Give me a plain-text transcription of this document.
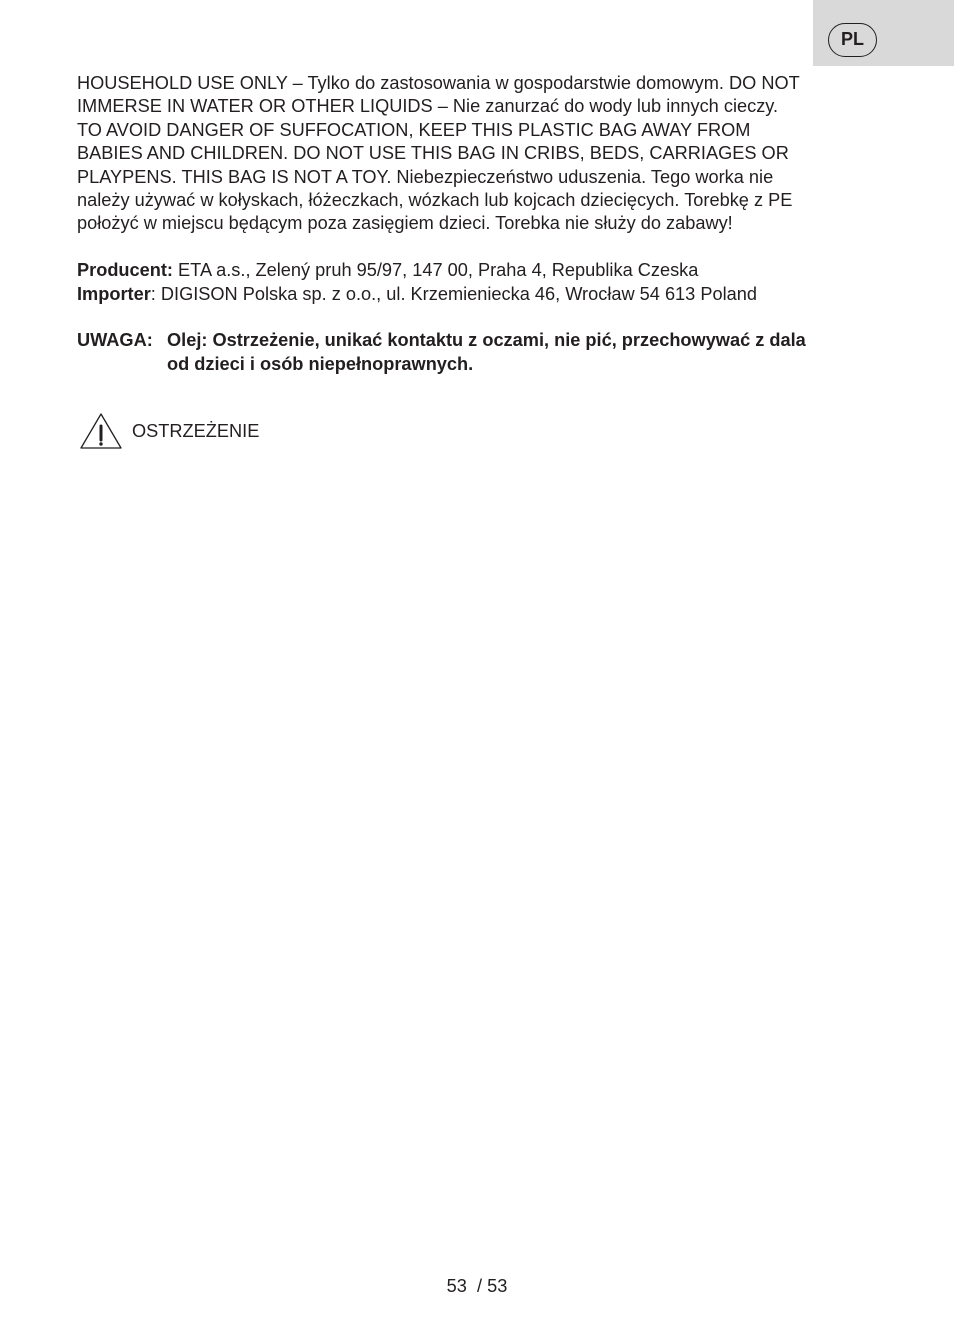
PL

HOUSEHOLD USE ONLY – Tylko do zastosowania w gospodarstwie domowym. DO NOT
IMMERSE IN WATER OR OTHER LIQUIDS – Nie zanurzać do wody lub innych cieczy.
TO AVOID DANGER OF SUFFOCATION, KEEP THIS PLASTIC BAG AWAY FROM
BABIES AND CHILDREN. DO NOT USE THIS BAG IN CRIBS, BEDS, CARRIAGES OR
PLAYPENS. THIS BAG IS NOT A TOY. Niebezpieczeństwo uduszenia. Tego worka nie
należy używać w kołyskach, łóżeczkach, wózkach lub kojcach dziecięcych. Torebkę z PE
położyć w miejscu będącym poza zasięgiem dzieci. Torebka nie służy do zabawy!

Producent: ETA a.s., Zelený pruh 95/97, 147 00, Praha 4, Republika Czeska
Importer: DIGISON Polska sp. z o.o., ul. Krzemieniecka 46, Wrocław 54 613 Poland
UWAGA: Olej: Ostrzeżenie, unikać kontaktu z oczami, nie pić, przechowywać z dala
od dzieci i osób niepełnoprawnych.
OSTRZEŻENIE
53  / 53
